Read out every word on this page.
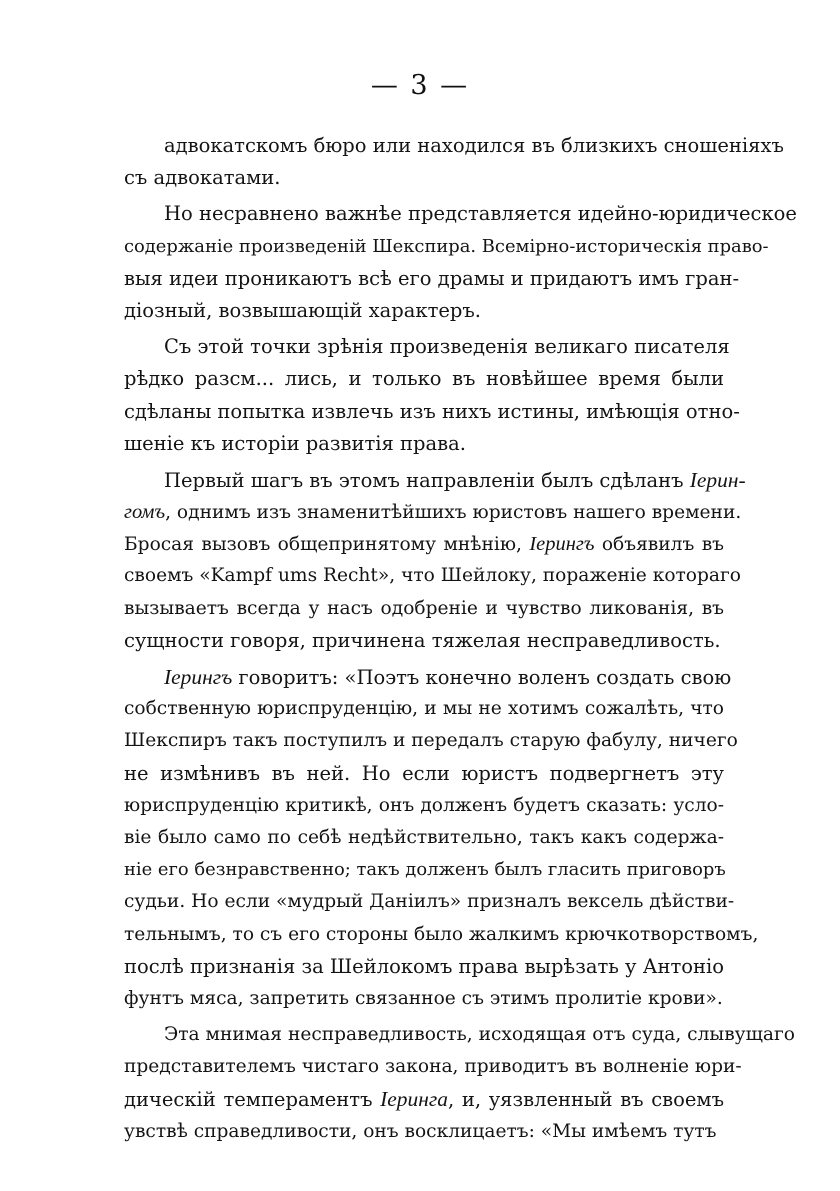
— 3 —
адвокатскомъ бюро или находился въ близкихъ сношеніяхъ
съ адвокатами.
Но несравнено важнѣе представляется идейно-юридическое
содержаніе произведеній Шекспира. Всемірно-историческія право-
выя идеи проникаютъ всѣ его драмы и придаютъ имъ гран-
діозный, возвышающій характеръ.
Съ этой точки зрѣнія произведенія великаго писателя
рѣдко разсм... лись, и только въ новѣйшее время были
сдѣланы попытка извлечь изъ нихъ истины, имѣющія отно-
шеніе къ исторіи развитія права.
Первый шагъ въ этомъ направленіи былъ сдѣланъ Іерин-
гомъ, однимъ изъ знаменитѣйшихъ юристовъ нашего времени.
Бросая вызовъ общепринятому мнѣнію, Іерингъ объявилъ въ
своемъ «Kampf ums Recht», что Шейлоку, пораженіе котораго
вызываетъ всегда у насъ одобреніе и чувство ликованія, въ
сущности говоря, причинена тяжелая несправедливость.
Іерингъ говоритъ: «Поэтъ конечно воленъ создать свою
собственную юриспруденцію, и мы не хотимъ сожалѣть, что
Шекспиръ такъ поступилъ и передалъ старую фабулу, ничего
не измѣнивъ въ ней. Но если юристъ подвергнетъ эту
юриспруденцію критикѣ, онъ долженъ будетъ сказать: усло-
віе было само по себѣ недѣйствительно, такъ какъ содержа-
ніе его безнравственно; такъ долженъ былъ гласить приговоръ
судьи. Но если «мудрый Даніилъ» призналъ вексель дѣйстви-
тельнымъ, то съ его стороны было жалкимъ крючкотворствомъ,
послѣ признанія за Шейлокомъ права вырѣзать у Антоніо
фунтъ мяса, запретить связанное съ этимъ пролитіе крови».
Эта мнимая несправедливость, исходящая отъ суда, слывущаго
представителемъ чистаго закона, приводитъ въ волненіе юри-
дическій темпераментъ Іеринга, и, уязвленный въ своемъ
увствѣ справедливости, онъ восклицаетъ: «Мы имѣемъ тутъ
